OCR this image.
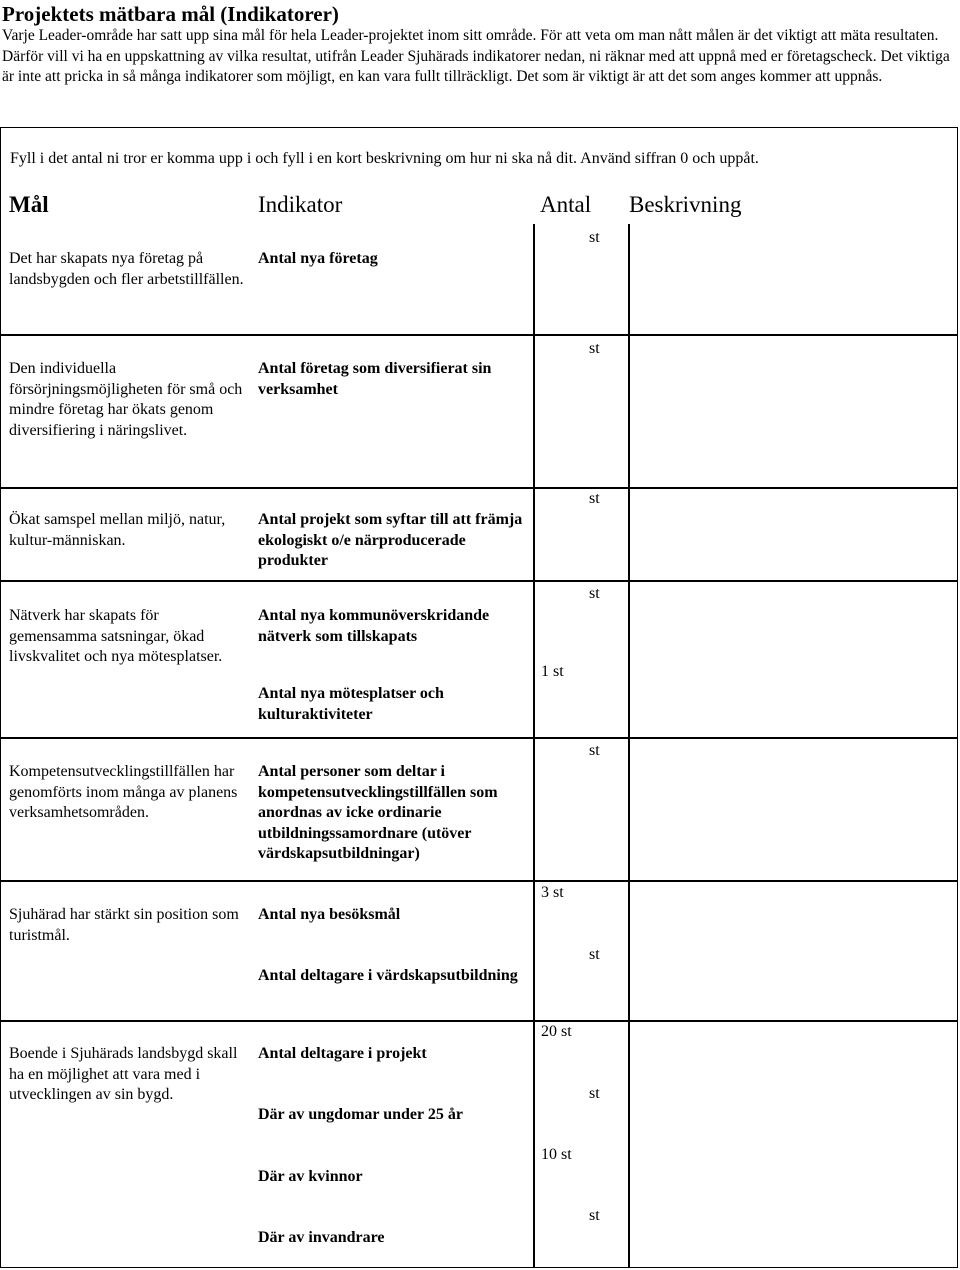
Projektets mätbara mål (Indikatorer)

Varje Leader-område har satt upp sina mål för hela Leader-projektet inom sitt område. För att veta om man nått målen är det viktigt att mäta resultaten. Därför vill vi ha en uppskattning av vilka resultat, utifrån Leader Sjuhärads indikatorer nedan, ni räknar med att uppnå med er företagscheck. Det viktiga är inte att pricka in så många indikatorer som möjligt, en kan vara fullt tillräckligt. Det som är viktigt är att det som anges kommer att uppnås.

Fyll i det antal ni tror er komma upp i och fyll i en kort beskrivning om hur ni ska nå dit. Använd siffran 0 och uppåt.

Mål	Indikator	Antal Beskrivning

Det har skapats nya företag på landsbygden och fler arbetstillfällen.

Den individuella försörjningsmöjligheten för små och mindre företag har ökats genom diversifiering i näringslivet.

Ökat samspel mellan miljö, natur, kultur-människan.

Nätverk har skapats för gemensamma satsningar, ökad livskvalitet och nya mötesplatser.

Kompetensutvecklingstillfällen har genomförts inom många av planens verksamhetsområden.

Sjuhärad har stärkt sin position som turistmål.

Boende i Sjuhärads landsbygd skall ha en möjlighet att vara med i utvecklingen av sin bygd.

Antal nya företag

Antal företag som diversifierat sin verksamhet

Antal projekt som syftar till att främja ekologiskt o/e närproducerade produkter

Antal nya kommunöverskridande nätverk som tillskapats

Antal nya mötesplatser och kulturaktiviteter

Antal personer som deltar i kompetensutvecklingstillfällen som anordnas av icke ordinarie utbildningssamordnare (utöver värdskapsutbildningar)

Antal nya besöksmål

Antal deltagare i värdskapsutbildning

Antal deltagare i projekt

Där av ungdomar under 25 år

Där av kvinnor

Där av invandrare

st
st
st
st
1 st
st
3 st
st
20 st
st
10 st
st
